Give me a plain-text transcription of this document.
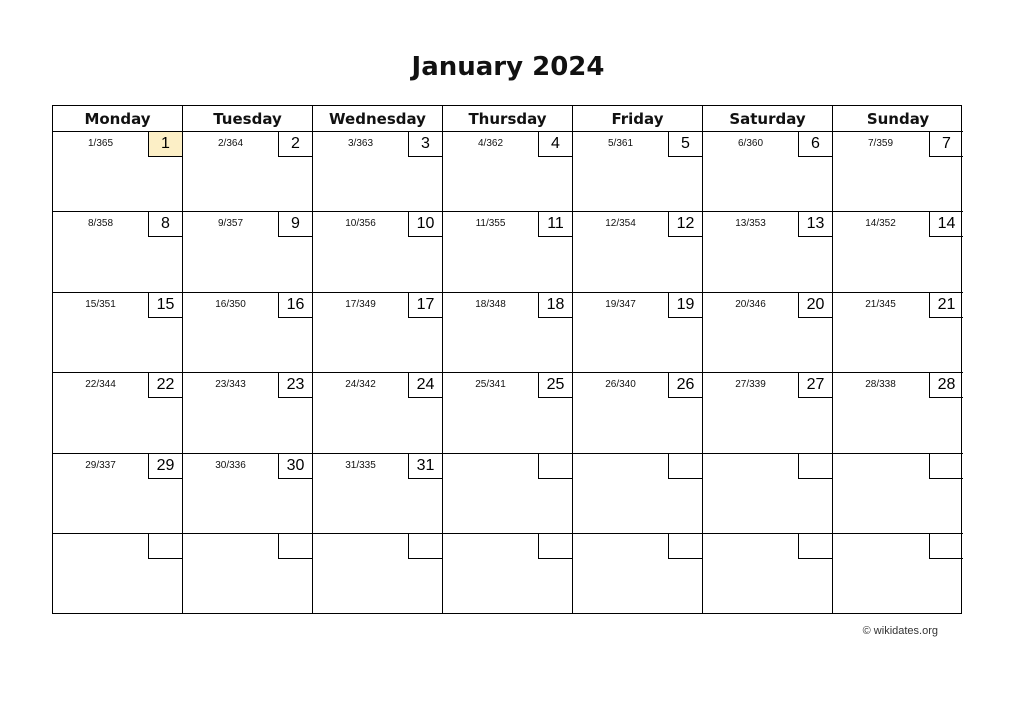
January 2024
Monday	Tuesday	Wednesday	Thursday	Friday	Saturday	Sunday
1/365	1	2/364	2	3/363	3	4/362	4	5/361	5	6/360	6	7/359	7
8/358	8	9/357	9	10/356	10	11/355	11	12/354	12	13/353	13	14/352	14
15/351	15	16/350	16	17/349	17	18/348	18	19/347	19	20/346	20	21/345	21
22/344	22	23/343	23	24/342	24	25/341	25	26/340	26	27/339	27	28/338	28
29/337	29	30/336	30	31/335	31
© wikidates.org
